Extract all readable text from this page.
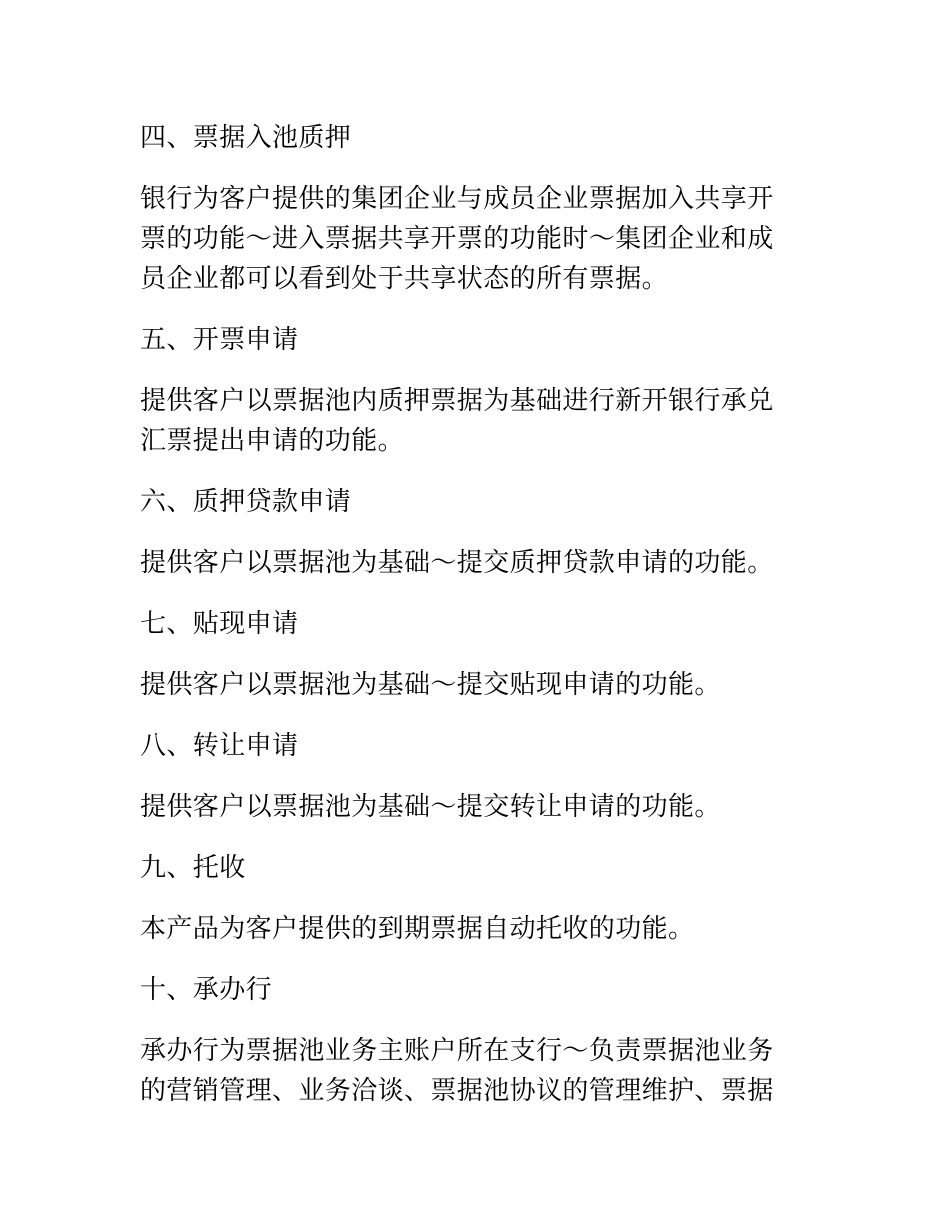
四、票据入池质押
银行为客户提供的集团企业与成员企业票据加入共享开
票的功能～进入票据共享开票的功能时～集团企业和成
员企业都可以看到处于共享状态的所有票据。
五、开票申请
提供客户以票据池内质押票据为基础进行新开银行承兑
汇票提出申请的功能。
六、质押贷款申请
提供客户以票据池为基础～提交质押贷款申请的功能。
七、贴现申请
提供客户以票据池为基础～提交贴现申请的功能。
八、转让申请
提供客户以票据池为基础～提交转让申请的功能。
九、托收
本产品为客户提供的到期票据自动托收的功能。
十、承办行
承办行为票据池业务主账户所在支行～负责票据池业务
的营销管理、业务洽谈、票据池协议的管理维护、票据
